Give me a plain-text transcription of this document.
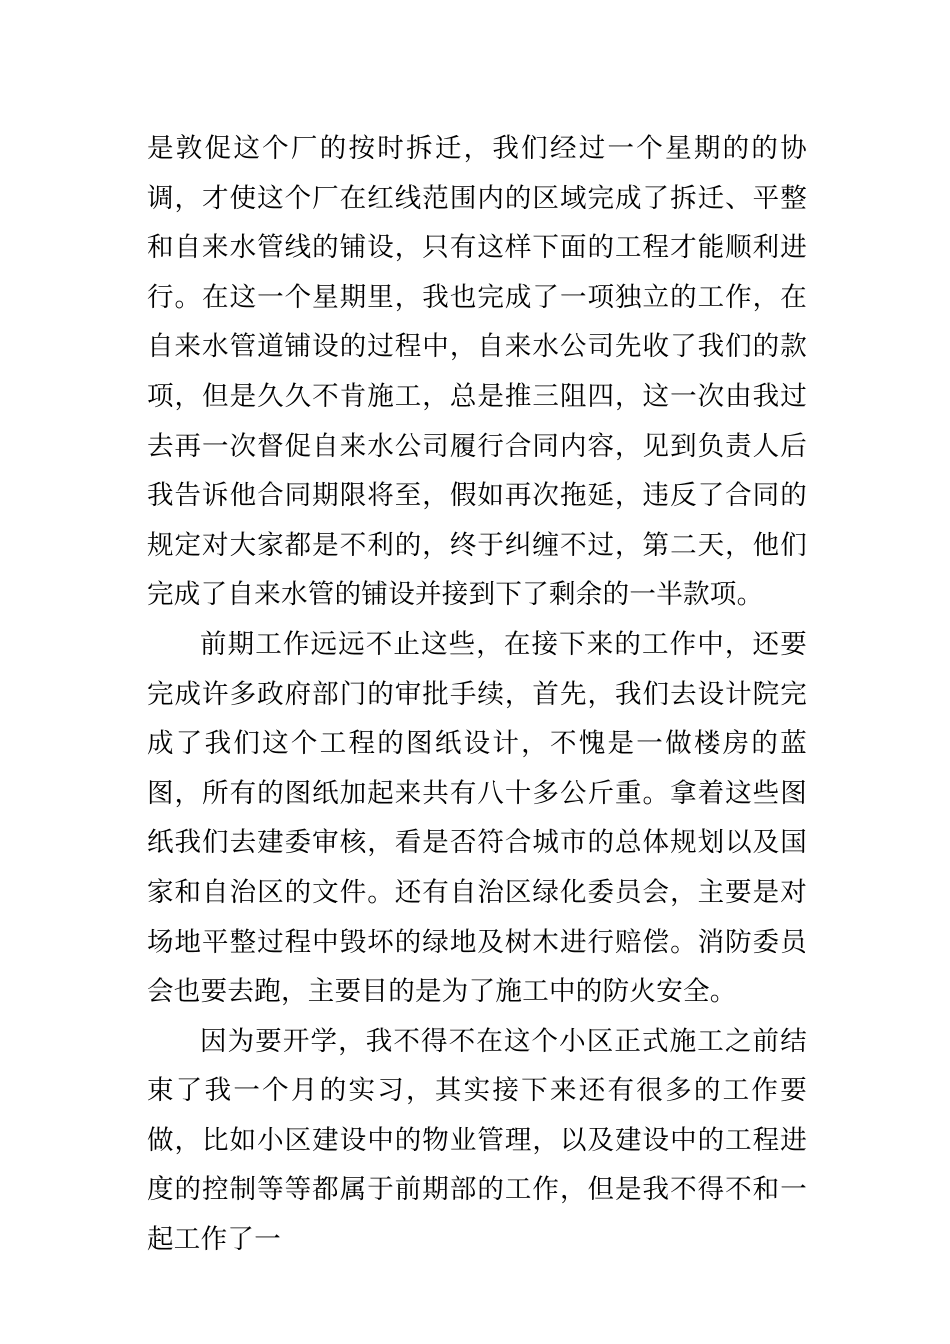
是敦促这个厂的按时拆迁，我们经过一个星期的的协调，才使这个厂在红线范围内的区域完成了拆迁、平整和自来水管线的铺设，只有这样下面的工程才能顺利进行。在这一个星期里，我也完成了一项独立的工作，在自来水管道铺设的过程中，自来水公司先收了我们的款项，但是久久不肯施工，总是推三阻四，这一次由我过去再一次督促自来水公司履行合同内容，见到负责人后我告诉他合同期限将至，假如再次拖延，违反了合同的规定对大家都是不利的，终于纠缠不过，第二天，他们完成了自来水管的铺设并接到下了剩余的一半款项。

前期工作远远不止这些，在接下来的工作中，还要完成许多政府部门的审批手续，首先，我们去设计院完成了我们这个工程的图纸设计，不愧是一做楼房的蓝图，所有的图纸加起来共有八十多公斤重。拿着这些图纸我们去建委审核，看是否符合城市的总体规划以及国家和自治区的文件。还有自治区绿化委员会，主要是对场地平整过程中毁坏的绿地及树木进行赔偿。消防委员会也要去跑，主要目的是为了施工中的防火安全。

因为要开学，我不得不在这个小区正式施工之前结束了我一个月的实习，其实接下来还有很多的工作要做，比如小区建设中的物业管理，以及建设中的工程进度的控制等等都属于前期部的工作，但是我不得不和一起工作了一
